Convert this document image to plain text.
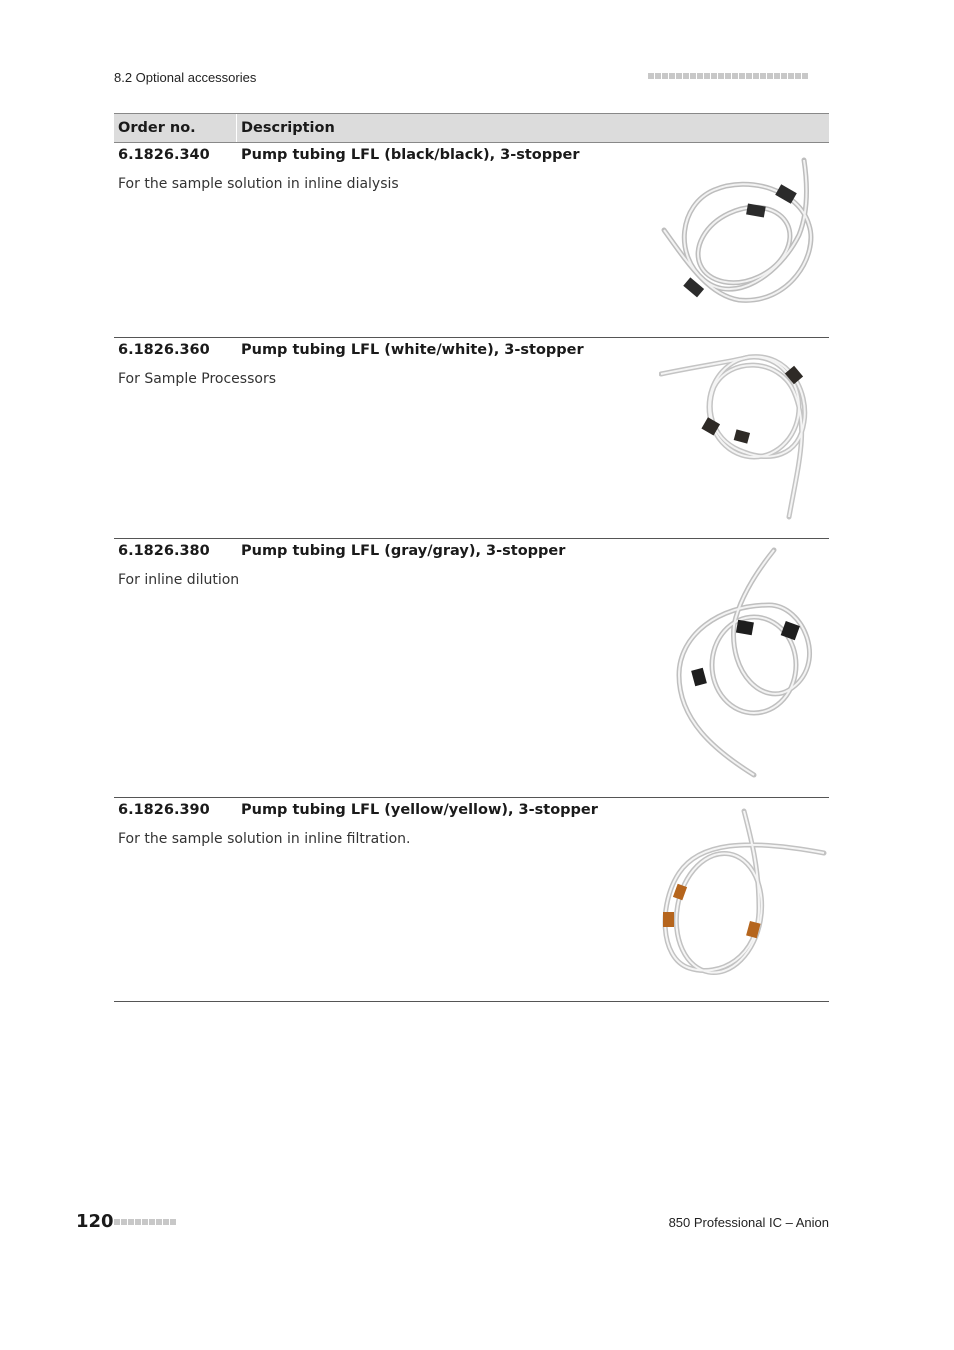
8.2 Optional accessories
Order no.	Description
6.1826.340 Pump tubing LFL (black/black), 3-stopper
For the sample solution in inline dialysis
6.1826.360 Pump tubing LFL (white/white), 3-stopper
For Sample Processors
6.1826.380 Pump tubing LFL (gray/gray), 3-stopper
For inline dilution
6.1826.390 Pump tubing LFL (yellow/yellow), 3-stopper
For the sample solution in inline filtration.
120	850 Professional IC – Anion
